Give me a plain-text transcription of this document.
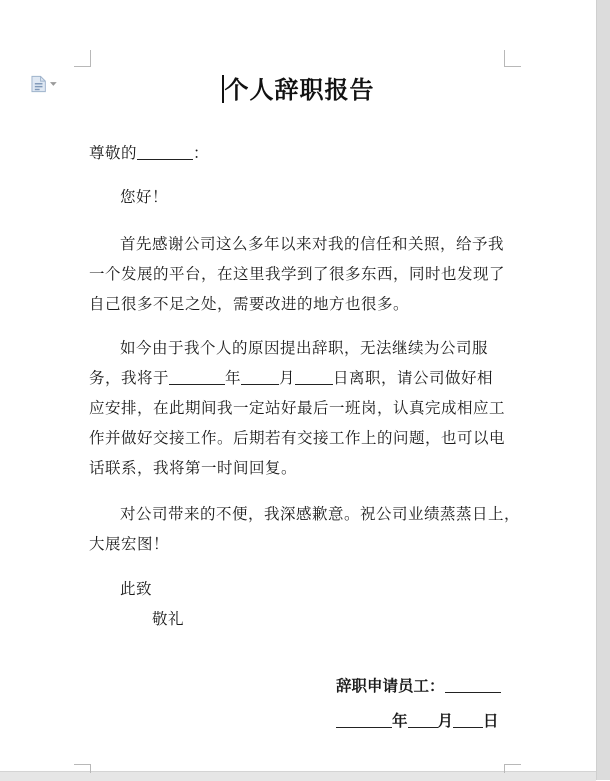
个人辞职报告
尊敬的	：
您好！
首先感谢公司这么多年以来对我的信任和关照，给予我
一个发展的平台，在这里我学到了很多东西，同时也发现了
自己很多不足之处，需要改进的地方也很多。
如今由于我个人的原因提出辞职，无法继续为公司服
务，我将于	年 月 日离职，请公司做好相
应安排，在此期间我一定站好最后一班岗，认真完成相应工
作并做好交接工作。后期若有交接工作上的问题，也可以电
话联系，我将第一时间回复。
对公司带来的不便，我深感歉意。祝公司业绩蒸蒸日上，
大展宏图！
此致
敬礼
辞职申请员工：
年 月 日
